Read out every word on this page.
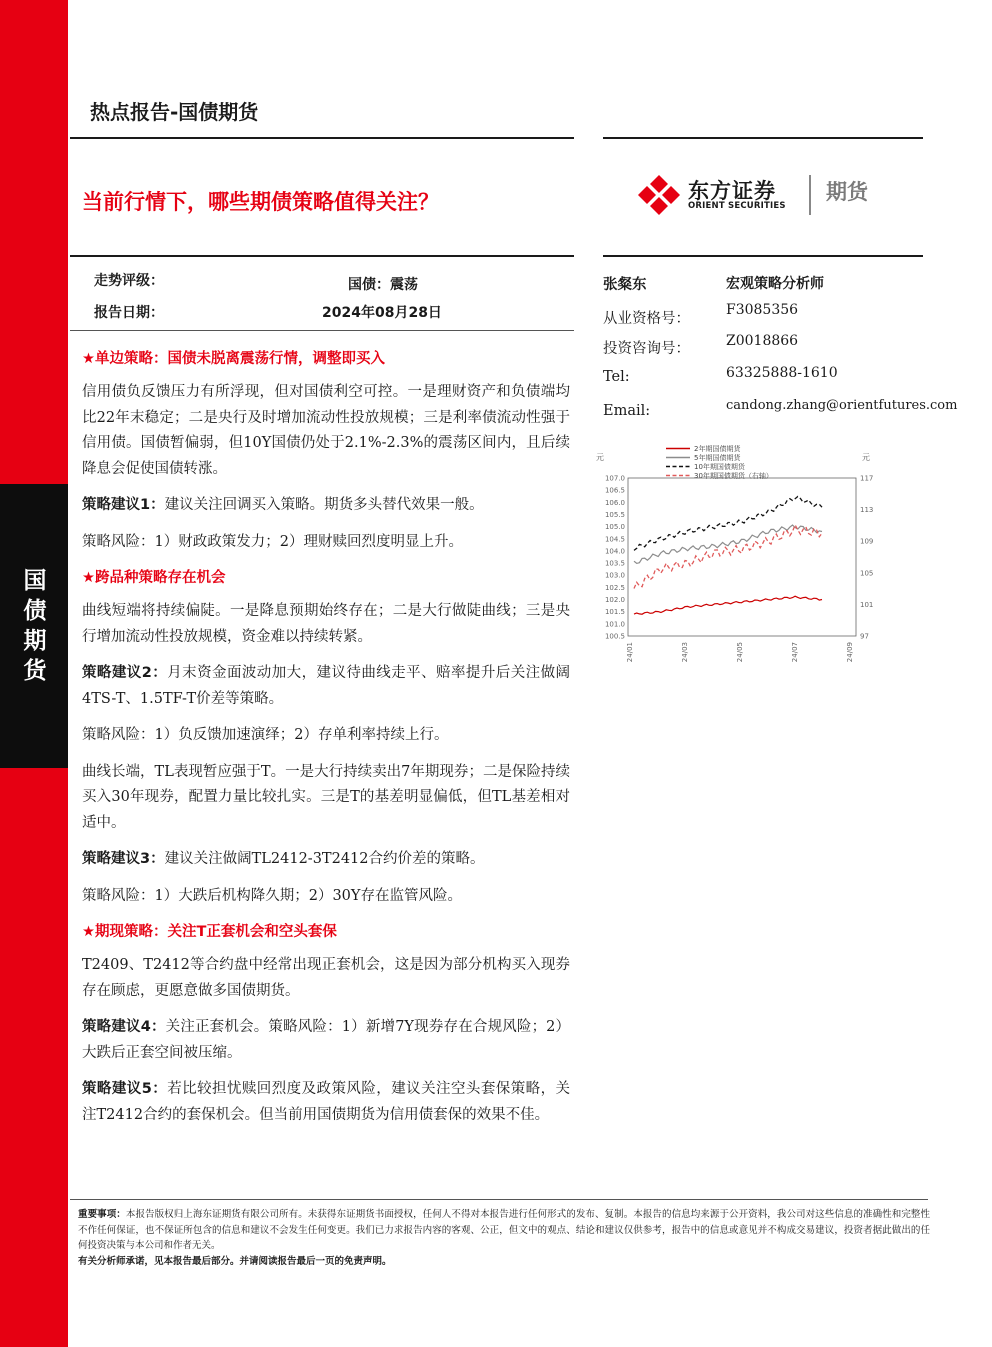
国债期货
热点报告-国债期货
当前行情下，哪些期债策略值得关注？	东方证券
ORIENT SECURITIES
期货
走势评级：	国债：震荡
报告日期：	2024年08月28日
张粲东	宏观策略分析师
从业资格号：
F3085356
投资咨询号：	Z0018866
Tel:	63325888-1610
Email:	candong.zhang@orientfutures.com
★单边策略：国债未脱离震荡行情，调整即买入
信用债负反馈压力有所浮现，但对国债利空可控。一是理财资产和负债端均比22年末稳定；二是央行及时增加流动性投放规模；三是利率债流动性强于信用债。国债暂偏弱，但10Y国债仍处于2.1%-2.3%的震荡区间内，且后续降息会促使国债转涨。
策略建议1：建议关注回调买入策略。期货多头替代效果一般。
策略风险：1）财政政策发力；2）理财赎回烈度明显上升。
★跨品种策略存在机会
曲线短端将持续偏陡。一是降息预期始终存在；二是大行做陡曲线；三是央行增加流动性投放规模，资金难以持续转紧。
策略建议2：月末资金面波动加大，建议待曲线走平、赔率提升后关注做阔4TS-T、1.5TF-T价差等策略。
策略风险：1）负反馈加速演绎；2）存单利率持续上行。
曲线长端，TL表现暂应强于T。一是大行持续卖出7年期现券；二是保险持续买入30年现券，配置力量比较扎实。三是T的基差明显偏低，但TL基差相对适中。
策略建议3：建议关注做阔TL2412-3T2412合约价差的策略。
策略风险：1）大跌后机构降久期；2）30Y存在监管风险。
★期现策略：关注T正套机会和空头套保
T2409、T2412等合约盘中经常出现正套机会，这是因为部分机构买入现券存在顾虑，更愿意做多国债期货。
策略建议4：关注正套机会。策略风险：1）新增7Y现券存在合规风险；2）大跌后正套空间被压缩。
策略建议5：若比较担忧赎回烈度及政策风险，建议关注空头套保策略，关注T2412合约的套保机会。但当前用国债期货为信用债套保的效果不佳。
元	元
107.0
106.5
106.0
105.5
105.0
104.5
104.0
103.5
103.0
102.5
102.0
101.5
101.0
100.5
117
113
109
105
101
97
24/01	24/03	24/05	24/07	24/09
2年期国债期货
5年期国债期货
10年期国债期货
30年期国债期货（右轴）
重要事项：本报告版权归上海东证期货有限公司所有。未获得东证期货书面授权，任何人不得对本报告进行任何形式的发布、复制。本报告的信息均来源于公开资料，我公司对这些信息的准确性和完整性不作任何保证，也不保证所包含的信息和建议不会发生任何变更。我们已力求报告内容的客观、公正，但文中的观点、结论和建议仅供参考，报告中的信息或意见并不构成交易建议，投资者据此做出的任何投资决策与本公司和作者无关。
有关分析师承诺，见本报告最后部分。并请阅读报告最后一页的免责声明。
